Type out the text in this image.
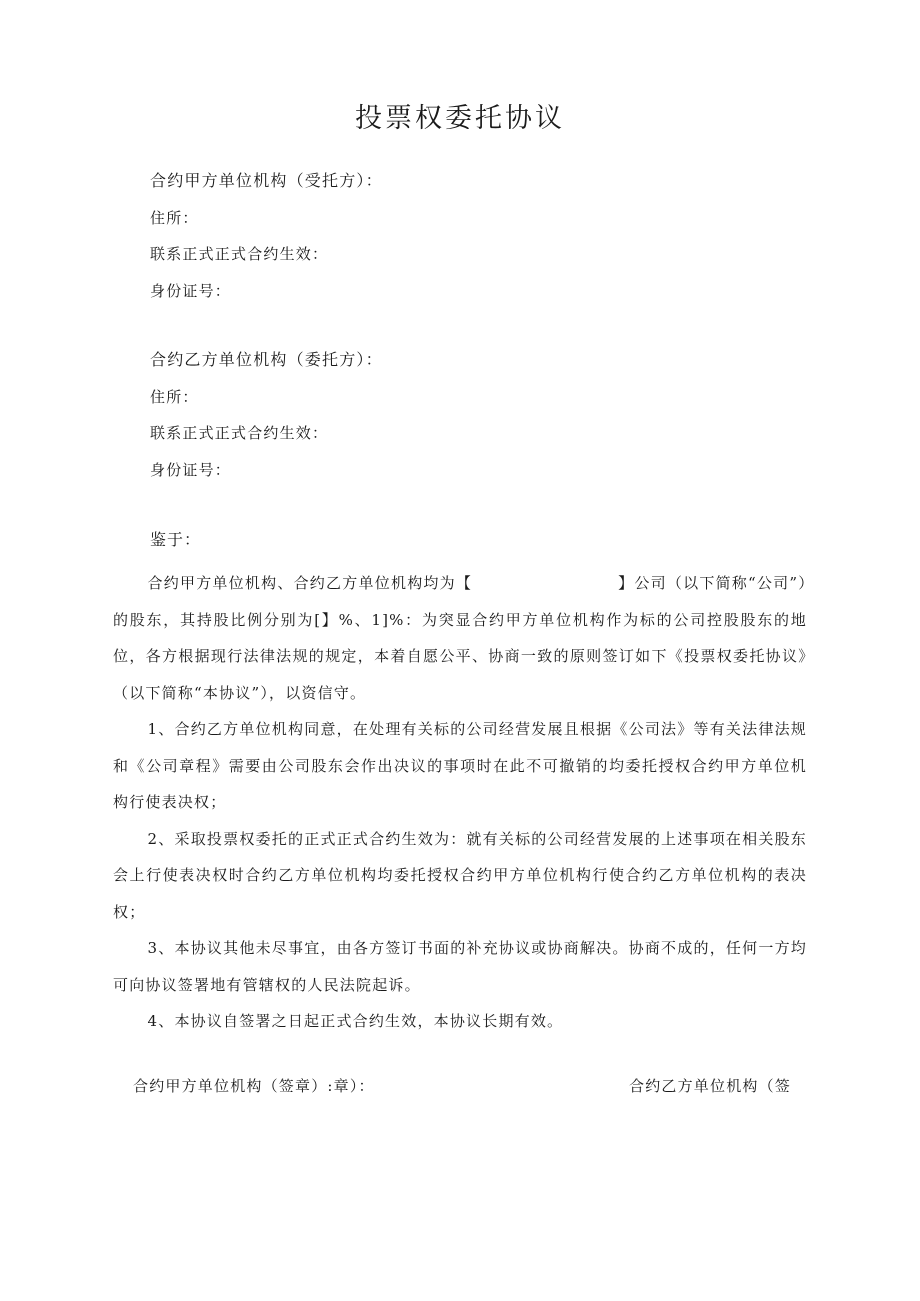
投票权委托协议
合约甲方单位机构（受托方）：
住所：
联系正式正式合约生效：
身份证号：
合约乙方单位机构（委托方）：
住所：
联系正式正式合约生效：
身份证号：
鉴于：

合约甲方单位机构、合约乙方单位机构均为【　　　　　　　　　】公司（以下简称“公司”）的股东，其持股比例分别为[】%、1]%：为突显合约甲方单位机构作为标的公司控股股东的地位，各方根据现行法律法规的规定，本着自愿公平、协商一致的原则签订如下《投票权委托协议》（以下简称“本协议”），以资信守。

1、合约乙方单位机构同意，在处理有关标的公司经营发展且根据《公司法》等有关法律法规和《公司章程》需要由公司股东会作出决议的事项时在此不可撤销的均委托授权合约甲方单位机构行使表决权；

2、采取投票权委托的正式正式合约生效为：就有关标的公司经营发展的上述事项在相关股东会上行使表决权时合约乙方单位机构均委托授权合约甲方单位机构行使合约乙方单位机构的表决权；

3、本协议其他未尽事宜，由各方签订书面的补充协议或协商解决。协商不成的，任何一方均可向协议签署地有管辖权的人民法院起诉。

4、本协议自签署之日起正式合约生效，本协议长期有效。

合约甲方单位机构（签章）:章）：	合约乙方单位机构（签
